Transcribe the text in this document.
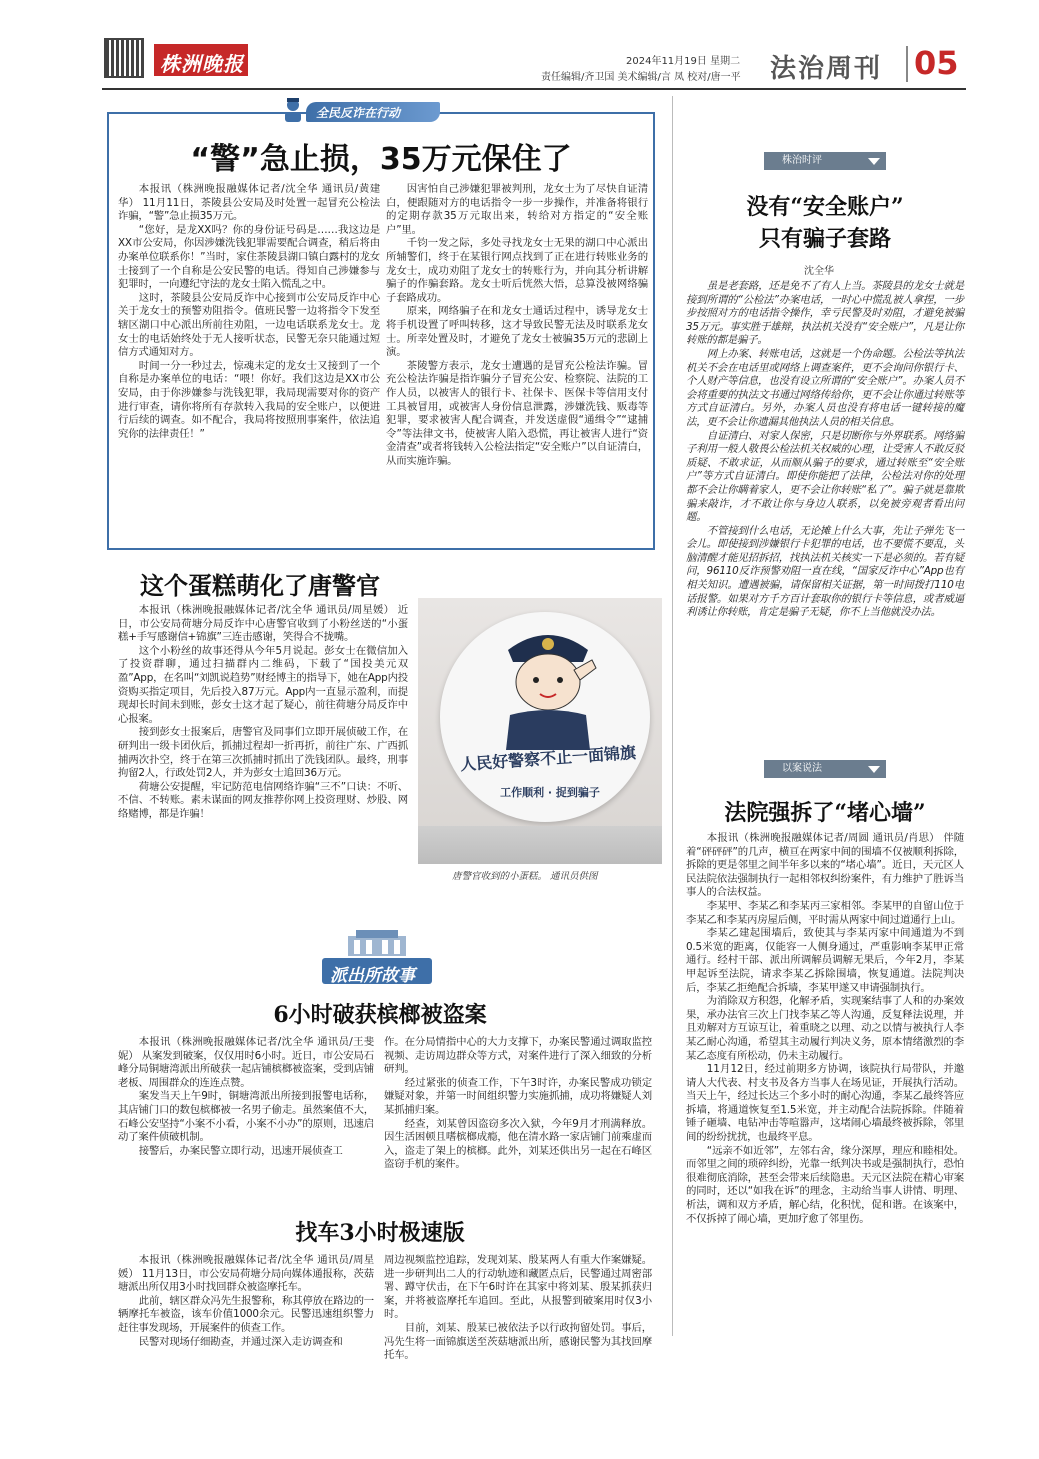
株洲晚报	2024年11月19日 星期二
责任编辑/齐卫国 美术编辑/言 凤 校对/唐一平 法治周刊 05
全民反诈在行动
“警”急止损，35万元保住了

本报讯（株洲晚报融媒体记者/沈全华 通讯员/黄建华） 11月11日，茶陵县公安局及时处置一起冒充公检法诈骗，“警”急止损35万元。

“您好，是龙XX吗？你的身份证号码是……我这边是XX市公安局，你因涉嫌洗钱犯罪需要配合调查，稍后将由办案单位联系你！”当时，家住茶陵县湖口镇白露村的龙女士接到了一个自称是公安民警的电话。得知自己涉嫌参与犯罪时，一向遵纪守法的龙女士陷入慌乱之中。

这时，茶陵县公安局反诈中心接到市公安局反诈中心关于龙女士的预警劝阻指令。值班民警一边将指令下发至辖区湖口中心派出所前往劝阻，一边电话联系龙女士。龙女士的电话始终处于无人接听状态，民警无奈只能通过短信方式通知对方。

时间一分一秒过去，惊魂未定的龙女士又接到了一个自称是办案单位的电话：“喂！你好。我们这边是XX市公安局，由于你涉嫌参与洗钱犯罪，我局现需要对你的资产进行审查，请你将所有存款转入我局的安全账户，以便进行后续的调查。如不配合，我局将按照刑事案件，依法追究你的法律责任！”

因害怕自己涉嫌犯罪被判刑，龙女士为了尽快自证清白，便跟随对方的电话指令一步一步操作，并准备将银行的定期存款35万元取出来，转给对方指定的“安全账户”里。

千钧一发之际，多处寻找龙女士无果的湖口中心派出所辅警们，终于在某银行网点找到了正在进行转账业务的龙女士，成功劝阻了龙女士的转账行为，并向其分析讲解骗子的作骗套路。龙女士听后恍然大悟，总算没被网络骗子套路成功。

原来，网络骗子在和龙女士通话过程中，诱导龙女士将手机设置了呼叫转移，这才导致民警无法及时联系龙女士。所幸处置及时，才避免了龙女士被骗35万元的悲剧上演。

茶陵警方表示，龙女士遭遇的是冒充公检法诈骗。冒充公检法诈骗是指诈骗分子冒充公安、检察院、法院的工作人员，以被害人的银行卡、社保卡、医保卡等信用支付工具被冒用，或被害人身份信息泄露，涉嫌洗钱、贩毒等犯罪，要求被害人配合调查，并发送虚假“通缉令”“逮捕令”等法律文书，使被害人陷入恐慌，再让被害人进行“资金清查”或者将钱转入公检法指定“安全账户”以自证清白，从而实施诈骗。

这个蛋糕萌化了唐警官

本报讯（株洲晚报融媒体记者/沈全华 通讯员/周星媛） 近日，市公安局荷塘分局反诈中心唐警官收到了小粉丝送的“小蛋糕+手写感谢信+锦旗”三连击感谢，笑得合不拢嘴。

这个小粉丝的故事还得从今年5月说起。彭女士在微信加入了投资群聊，通过扫描群内二维码，下载了“国投美元双盈”App，在名叫“刘凯说趋势”财经博主的指导下，她在App内投资购买指定项目，先后投入87万元。App内一直显示盈利，而提现却长时间未到账，彭女士这才起了疑心，前往荷塘分局反诈中心报案。

接到彭女士报案后，唐警官及同事们立即开展侦破工作，在研判出一级卡团伙后，抓捕过程却一折再折，前往广东、广西抓捕两次扑空，终于在第三次抓捕时抓出了洗钱团队。最终，刑事拘留2人，行政处罚2人，并为彭女士追回36万元。

荷塘公安提醒，牢记防范电信网络诈骗“三不”口诀：不听、不信、不转账。素未谋面的网友推荐你网上投资理财、炒股、网络赌博，都是诈骗！

人民好警察不止一面锦旗
工作顺利 · 捉到骗子
唐警官收到的小蛋糕。 通讯员供图
株治时评
没有“安全账户”
只有骗子套路
沈全华

虽是老套路，还是免不了有人上当。茶陵县的龙女士就是接到所谓的“公检法”办案电话，一时心中慌乱被人拿捏，一步步按照对方的电话指令操作，幸亏民警及时劝阻，才避免被骗35万元。事实胜于雄辩，执法机关没有“安全账户”，凡是让你转账的都是骗子。

网上办案、转账电话，这就是一个伪命题。公检法等执法机关不会在电话里或网络上调查案件，更不会询问你银行卡、个人财产等信息，也没有设立所谓的“安全账户”。办案人员不会将重要的执法文书通过网络传给你，更不会让你通过转账等方式自证清白。另外，办案人员也没有将电话一键转接的魔法，更不会让你遗漏其他执法人员的相关信息。

自证清白、对家人保密，只是切断你与外界联系。网络骗子利用一般人敬畏公检法机关权威的心理，让受害人不敢反驳质疑、不敢求证，从而顺从骗子的要求，通过转账至“安全账户”等方式自证清白。即使你能把了法律，公检法对你的处理都不会让你瞒着家人，更不会让你转账“私了”。骗子就是靠欺骗来敲诈，才不敢让你与身边人联系，以免被旁观者看出问题。

不管接到什么电话，无论摊上什么大事，先让子弹先飞一会儿。即使接到涉嫌银行卡犯罪的电话，也不要慌不要乱，头脑清醒才能见招拆招，找执法机关核实一下是必须的。若有疑问，96110反诈预警劝阻一直在线，“国家反诈中心”App也有相关知识。遭遇被骗，请保留相关证据，第一时间拨打110电话报警。如果对方千方百计套取你的银行卡等信息，或者威逼利诱让你转账，肯定是骗子无疑，你不上当他就没办法。

以案说法
法院强拆了“堵心墙”

本报讯（株洲晚报融媒体记者/周圆 通讯员/肖思） 伴随着“砰砰砰”的几声，横亘在两家中间的围墙不仅被顺利拆除，拆除的更是邻里之间半年多以来的“堵心墙”。近日，天元区人民法院依法强制执行一起相邻权纠纷案件，有力维护了胜诉当事人的合法权益。

李某甲、李某乙和李某丙三家相邻。李某甲的自留山位于李某乙和李某丙房屋后侧，平时需从两家中间过道通行上山。

李某乙建起围墙后，致使其与李某丙家中间通道为不到0.5米宽的距离，仅能容一人侧身通过，严重影响李某甲正常通行。经村干部、派出所调解员调解无果后，今年2月，李某甲起诉至法院，请求李某乙拆除围墙，恢复通道。法院判决后，李某乙拒绝配合拆墙，李某甲遂又申请强制执行。

为消除双方积怨，化解矛盾，实现案结事了人和的办案效果，承办法官三次上门找李某乙等人沟通，反复释法说理，并且劝解对方互谅互让，着重晓之以理、动之以情与被执行人李某乙耐心沟通，希望其主动履行判决义务，原本情绪激烈的李某乙态度有所松动，仍未主动履行。

11月12日，经过前期多方协调，该院执行局带队，并邀请人大代表、村支书及各方当事人在场见证，开展执行活动。当天上午，经过长达三个多小时的耐心沟通，李某乙最终答应拆墙，将通道恢复至1.5米宽，并主动配合法院拆除。伴随着锤子砸墙、电钻冲击等喧嚣声，这堵闹心墙最终被拆除，邻里间的纷纷扰扰，也最终平息。

“远亲不如近邻”，左邻右舍，缘分深厚，理应和睦相处。而邻里之间的琐碎纠纷，光靠一纸判决书或是强制执行，恐怕很难彻底消除，甚至会带来后续隐患。天元区法院在精心审案的同时，还以“如我在诉”的理念，主动给当事人讲情、明理、析法，调和双方矛盾，解心结，化积忧，促和谐。在该案中，不仅拆掉了闹心墙，更加疗愈了邻里伤。

派出所故事
6小时破获槟榔被盗案

本报讯（株洲晚报融媒体记者/沈全华 通讯员/王斐妮） 从案发到破案，仅仅用时6小时。近日，市公安局石峰分局铜塘湾派出所破获一起店铺槟榔被盗案，受到店铺老板、周围群众的连连点赞。

案发当天上午9时，铜塘湾派出所接到报警电话称，其店铺门口的数包槟榔被一名男子偷走。虽然案值不大，石峰公安坚持“小案不小看，小案不小办”的原则，迅速启动了案件侦破机制。

接警后，办案民警立即行动，迅速开展侦查工

作。在分局情指中心的大力支撑下，办案民警通过调取监控视频、走访周边群众等方式，对案件进行了深入细致的分析研判。

经过紧张的侦查工作，下午3时许，办案民警成功锁定嫌疑对象，并第一时间组织警力实施抓捕，成功将嫌疑人刘某抓捕归案。

经查，刘某曾因盗窃多次入狱，今年9月才刑满释放。因生活困顿且嗜槟榔成瘾，他在清水路一家店铺门前乘虚而入，盗走了架上的槟榔。此外，刘某还供出另一起在石峰区盗窃手机的案件。

找车3小时极速版

本报讯（株洲晚报融媒体记者/沈全华 通讯员/周星媛） 11月13日，市公安局荷塘分局向媒体通报称，茨菇塘派出所仅用3小时找回群众被盗摩托车。

此前，辖区群众冯先生报警称，称其停放在路边的一辆摩托车被盗，该车价值1000余元。民警迅速组织警力赶往事发现场，开展案件的侦查工作。

民警对现场仔细勘查，并通过深入走访调查和

周边视频监控追踪，发现刘某、殷某两人有重大作案嫌疑。进一步研判出二人的行动轨迹和藏匿点后，民警通过周密部署、蹲守伏击，在下午6时许在其家中将刘某、殷某抓获归案，并将被盗摩托车追回。至此，从报警到破案用时仅3小时。

目前，刘某、殷某已被依法予以行政拘留处罚。事后，冯先生将一面锦旗送至茨菇塘派出所，感谢民警为其找回摩托车。
